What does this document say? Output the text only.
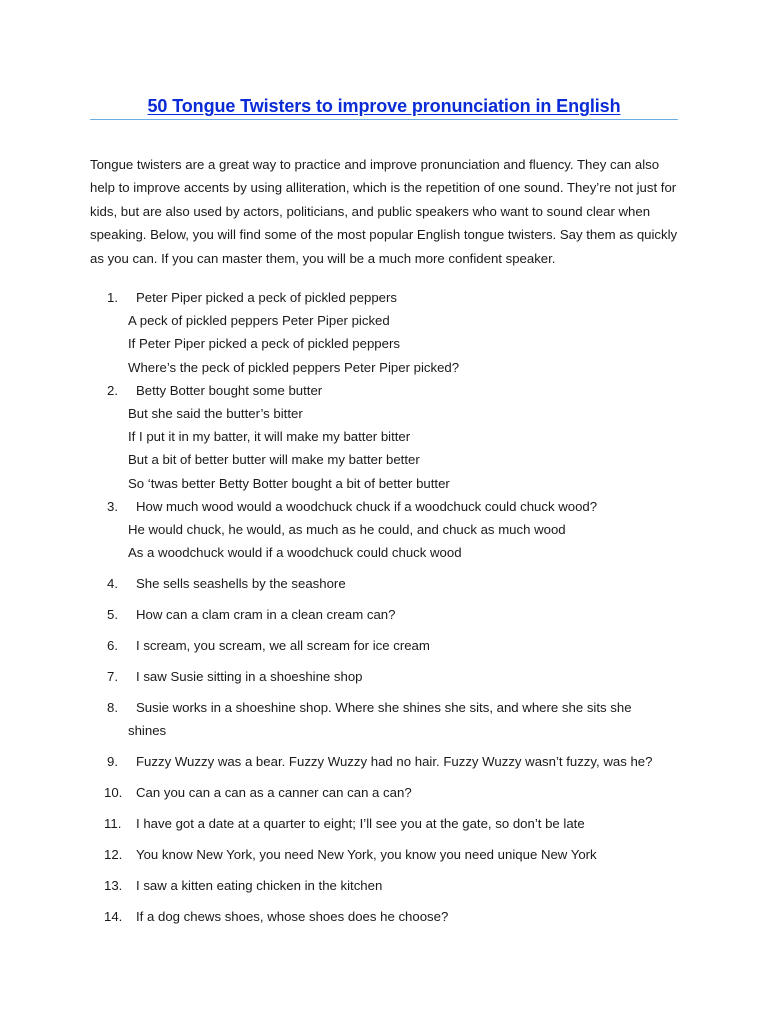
50 Tongue Twisters to improve pronunciation in English
Tongue twisters are a great way to practice and improve pronunciation and fluency. They can also help to improve accents by using alliteration, which is the repetition of one sound. They’re not just for kids, but are also used by actors, politicians, and public speakers who want to sound clear when speaking. Below, you will find some of the most popular English tongue twisters. Say them as quickly as you can. If you can master them, you will be a much more confident speaker.
1.	Peter Piper picked a peck of pickled peppers
A peck of pickled peppers Peter Piper picked
If Peter Piper picked a peck of pickled peppers
Where’s the peck of pickled peppers Peter Piper picked?
2.	Betty Botter bought some butter
But she said the butter’s bitter
If I put it in my batter, it will make my batter bitter
But a bit of better butter will make my batter better
So ‘twas better Betty Botter bought a bit of better butter
3.	How much wood would a woodchuck chuck if a woodchuck could chuck wood?
He would chuck, he would, as much as he could, and chuck as much wood
As a woodchuck would if a woodchuck could chuck wood
4.	She sells seashells by the seashore
5.	How can a clam cram in a clean cream can?
6.	I scream, you scream, we all scream for ice cream
7.	I saw Susie sitting in a shoeshine shop
8.	Susie works in a shoeshine shop. Where she shines she sits, and where she sits she
shines
9.	Fuzzy Wuzzy was a bear. Fuzzy Wuzzy had no hair. Fuzzy Wuzzy wasn’t fuzzy, was he?
10.	Can you can a can as a canner can can a can?
11.	I have got a date at a quarter to eight; I’ll see you at the gate, so don’t be late
12.	You know New York, you need New York, you know you need unique New York
13.	I saw a kitten eating chicken in the kitchen
14.	If a dog chews shoes, whose shoes does he choose?
